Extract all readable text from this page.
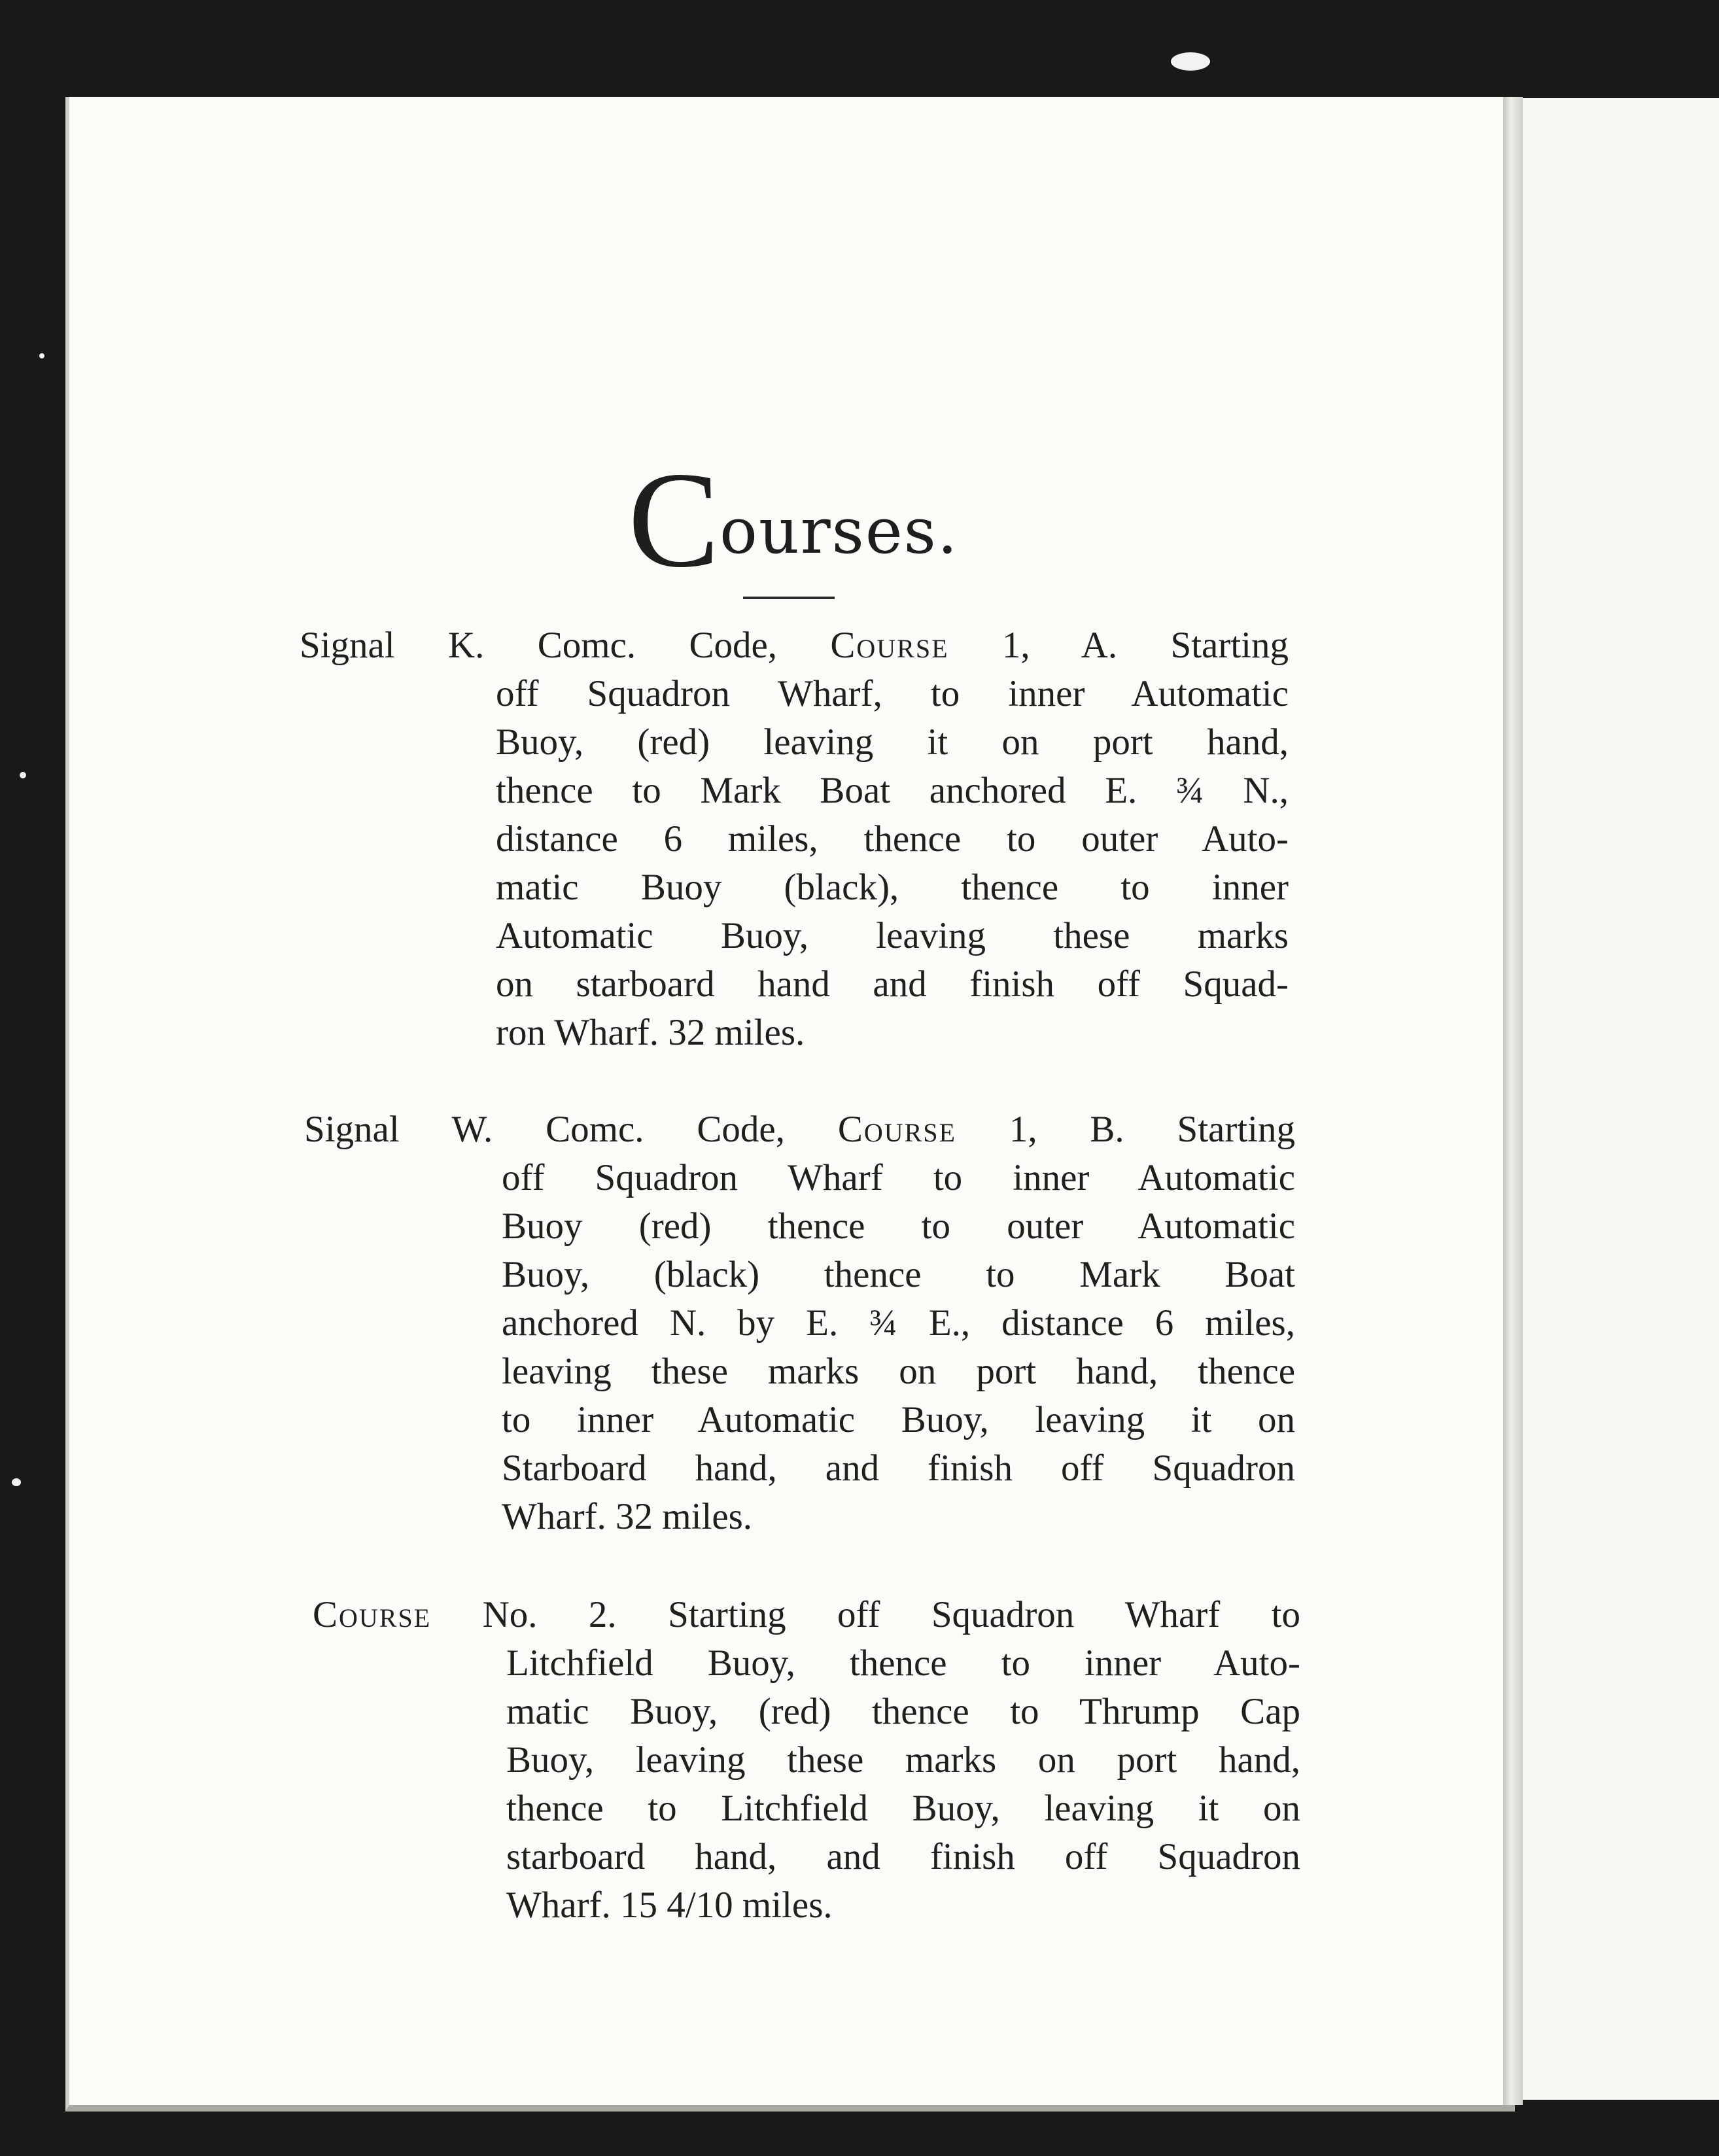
Courses.
Signal K. Comc. Code, Course 1, A. Starting
off Squadron Wharf, to inner Automatic
Buoy, (red) leaving it on port hand,
thence to Mark Boat anchored E. ¾ N.,
distance 6 miles, thence to outer Auto-
matic Buoy (black), thence to inner
Automatic Buoy, leaving these marks
on starboard hand and finish off Squad-
ron Wharf. 32 miles.
Signal W. Comc. Code, Course 1, B. Starting
off Squadron Wharf to inner Automatic
Buoy (red) thence to outer Automatic
Buoy, (black) thence to Mark Boat
anchored N. by E. ¾ E., distance 6 miles,
leaving these marks on port hand, thence
to inner Automatic Buoy, leaving it on
Starboard hand, and finish off Squadron
Wharf. 32 miles.
Course No. 2. Starting off Squadron Wharf to
Litchfield Buoy, thence to inner Auto-
matic Buoy, (red) thence to Thrump Cap
Buoy, leaving these marks on port hand,
thence to Litchfield Buoy, leaving it on
starboard hand, and finish off Squadron
Wharf. 15 4/10 miles.
